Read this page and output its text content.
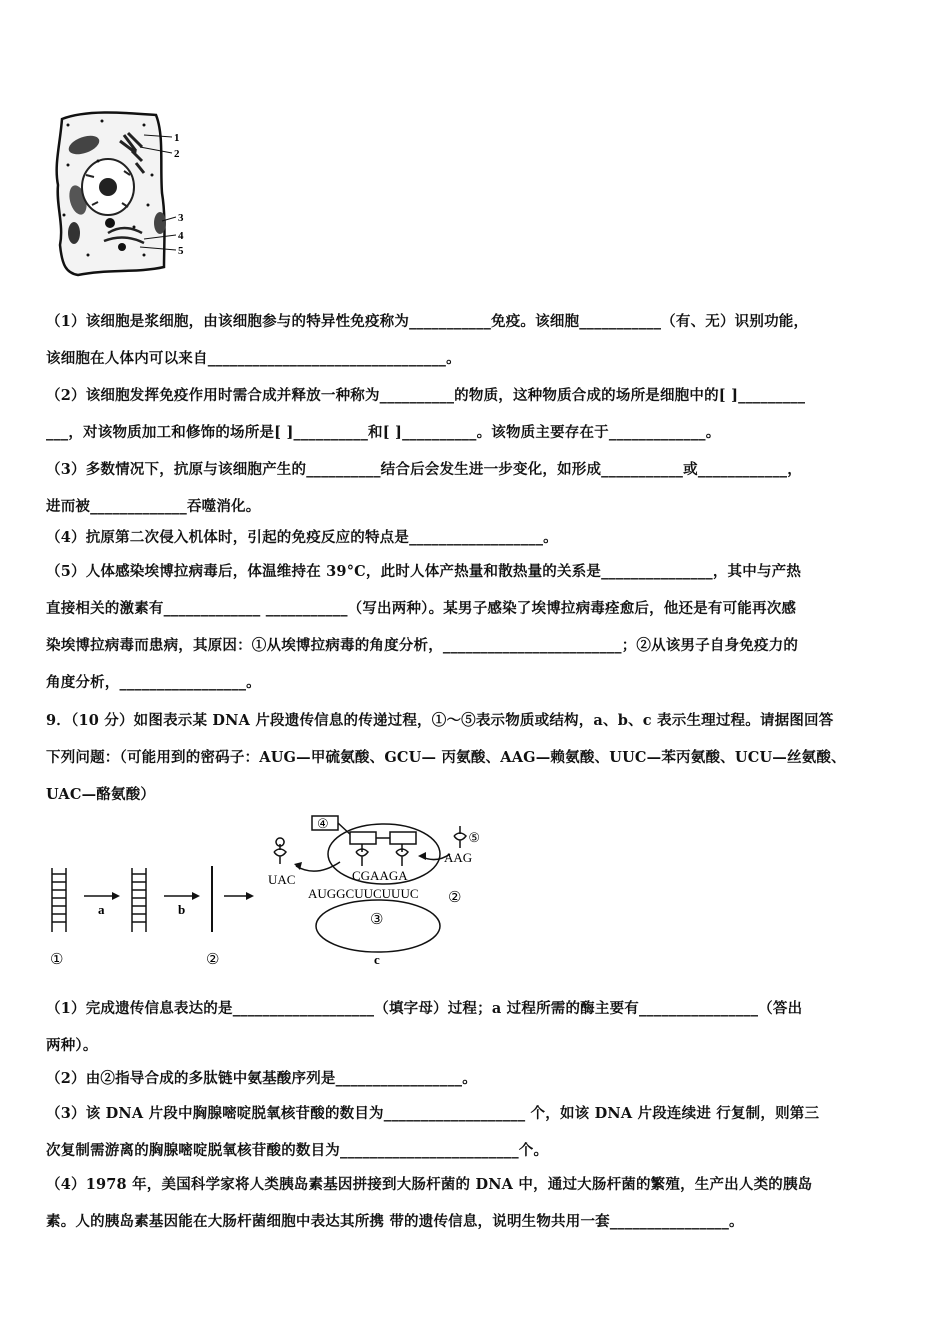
1
2
3
4
5
（1）该细胞是浆细胞，由该细胞参与的特异性免疫称为___________免疫。该细胞___________（有、无）识别功能，
该细胞在人体内可以来自________________________________。
（2）该细胞发挥免疫作用时需合成并释放一种称为__________的物质，这种物质合成的场所是细胞中的[ ]_________
___，对该物质加工和修饰的场所是[ ]__________和[ ]__________。该物质主要存在于_____________。
（3）多数情况下，抗原与该细胞产生的__________结合后会发生进一步变化，如形成___________或____________，
进而被_____________吞噬消化。
（4）抗原第二次侵入机体时，引起的免疫反应的特点是__________________。
（5）人体感染埃博拉病毒后，体温维持在 39°C，此时人体产热量和散热量的关系是_______________，其中与产热
直接相关的激素有_____________ ___________（写出两种）。某男子感染了埃博拉病毒痊愈后，他还是有可能再次感
染埃博拉病毒而患病，其原因：①从埃博拉病毒的角度分析，________________________；②从该男子自身免疫力的
角度分析，_________________。
9．（10 分）如图表示某 DNA 片段遗传信息的传递过程，①～⑤表示物质或结构，a、b、c 表示生理过程。请据图回答
下列问题：（可能用到的密码子：AUG—甲硫氨酸、GCU— 丙氨酸、AAG—赖氨酸、UUC—苯丙氨酸、UCU—丝氨酸、
UAC—酪氨酸）
a	b
①	②
④
UAC
⑤
AAG
CGAAGA
AUGGCUUCUUUC ②
③
c
（1）完成遗传信息表达的是___________________（填字母）过程；a 过程所需的酶主要有________________（答出
两种）。
（2）由②指导合成的多肽链中氨基酸序列是_________________。
（3）该 DNA 片段中胸腺嘧啶脱氧核苷酸的数目为___________________ 个，如该 DNA 片段连续进 行复制，则第三
次复制需游离的胸腺嘧啶脱氧核苷酸的数目为________________________个。
（4）1978 年，美国科学家将人类胰岛素基因拼接到大肠杆菌的 DNA 中，通过大肠杆菌的繁殖，生产出人类的胰岛
素。人的胰岛素基因能在大肠杆菌细胞中表达其所携 带的遗传信息，说明生物共用一套________________。
